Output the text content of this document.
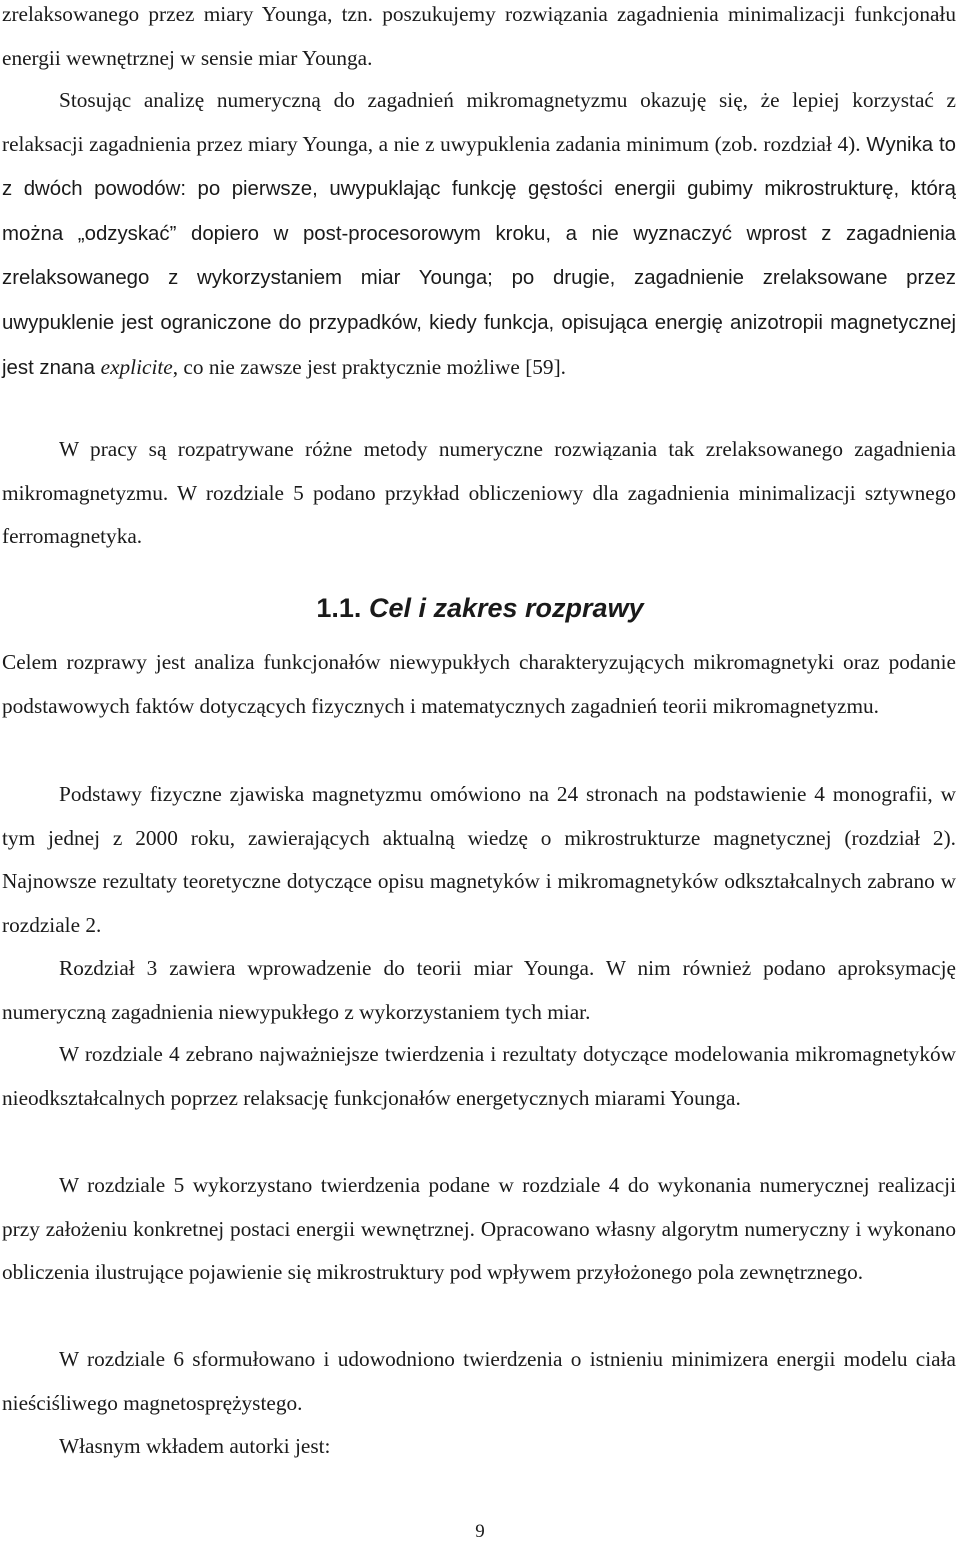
zrelaksowanego przez miary Younga, tzn. poszukujemy rozwiązania zagadnienia minimalizacji funkcjonału energii wewnętrznej w sensie miar Younga.

Stosując analizę numeryczną do zagadnień mikromagnetyzmu okazuję się, że lepiej korzystać z relaksacji zagadnienia przez miary Younga, a nie z uwypuklenia zadania minimum (zob. rozdział 4). Wynika to z dwóch powodów: po pierwsze, uwypuklając funkcję gęstości energii gubimy mikrostrukturę, którą można „odzyskać” dopiero w post-procesorowym kroku, a nie wyznaczyć wprost z zagadnienia zrelaksowanego z wykorzystaniem miar Younga; po drugie, zagadnienie zrelaksowane przez uwypuklenie jest ograniczone do przypadków, kiedy funkcja, opisująca energię anizotropii magnetycznej jest znana explicite, co nie zawsze jest praktycznie możliwe [59].

W pracy są rozpatrywane różne metody numeryczne rozwiązania tak zrelaksowanego zagadnienia mikromagnetyzmu. W rozdziale 5 podano przykład obliczeniowy dla zagadnienia minimalizacji sztywnego ferromagnetyka.

1.1. Cel i zakres rozprawy

Celem rozprawy jest analiza funkcjonałów niewypukłych charakteryzujących mikromagnetyki oraz podanie podstawowych faktów dotyczących fizycznych i matematycznych zagadnień teorii mikromagnetyzmu.

Podstawy fizyczne zjawiska magnetyzmu omówiono na 24 stronach na podstawienie 4 monografii, w tym jednej z 2000 roku, zawierających aktualną wiedzę o mikrostrukturze magnetycznej (rozdział 2). Najnowsze rezultaty teoretyczne dotyczące opisu magnetyków i mikromagnetyków odkształcalnych zabrano w rozdziale 2.

Rozdział 3 zawiera wprowadzenie do teorii miar Younga. W nim również podano aproksymację numeryczną zagadnienia niewypukłego z wykorzystaniem tych miar.

W rozdziale 4 zebrano najważniejsze twierdzenia i rezultaty dotyczące modelowania mikromagnetyków nieodkształcalnych poprzez relaksację funkcjonałów energetycznych miarami Younga.

W rozdziale 5 wykorzystano twierdzenia podane w rozdziale 4 do wykonania numerycznej realizacji przy założeniu konkretnej postaci energii wewnętrznej. Opracowano własny algorytm numeryczny i wykonano obliczenia ilustrujące pojawienie się mikrostruktury pod wpływem przyłożonego pola zewnętrznego.

W rozdziale 6 sformułowano i udowodniono twierdzenia o istnieniu minimizera energii modelu ciała nieściśliwego magnetosprężystego.

Własnym wkładem autorki jest:

9
